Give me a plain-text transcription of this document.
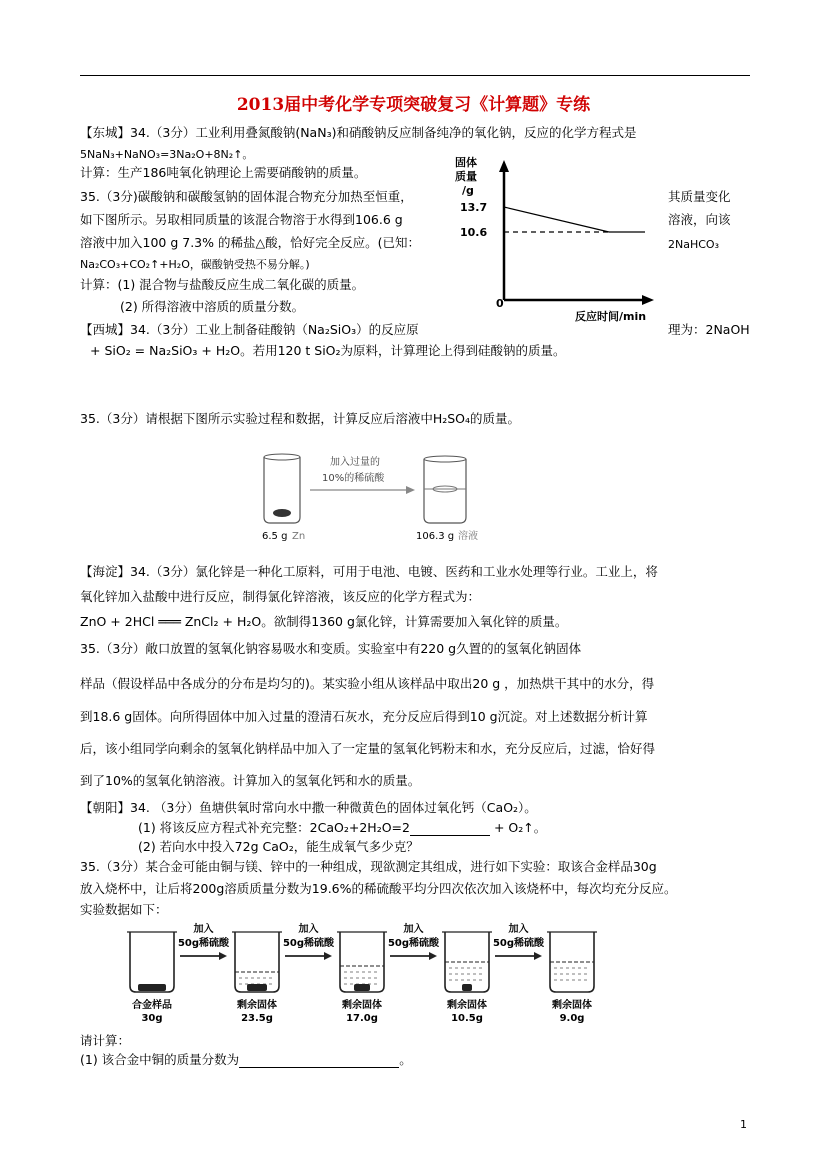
2013届中考化学专项突破复习《计算题》专练
【东城】34.（3分）工业利用叠氮酸钠(NaN₃)和硝酸钠反应制备纯净的氧化钠，反应的化学方程式是
5NaN₃+NaNO₃=3Na₂O+8N₂↑。
计算：生产186吨氧化钠理论上需要硝酸钠的质量。
35.（3分)碳酸钠和碳酸氢钠的固体混合物充分加热至恒重，	其质量变化
如下图所示。另取相同质量的该混合物溶于水得到106.6 g	溶液，向该
溶液中加入100 g 7.3% 的稀盐△酸，恰好完全反应。(已知：	2NaHCO₃
Na₂CO₃+CO₂↑+H₂O，碳酸钠受热不易分解。)
计算：(1) 混合物与盐酸反应生成二氧化碳的质量。
(2) 所得溶液中溶质的质量分数。
固体
质量
/g
13.7
10.6
0
反应时间/min
【西城】34.（3分）工业上制备硅酸钠（Na₂SiO₃）的反应原	理为：2NaOH
+ SiO₂ = Na₂SiO₃ + H₂O。若用120 t SiO₂为原料，计算理论上得到硅酸钠的质量。
35.（3分）请根据下图所示实验过程和数据，计算反应后溶液中H₂SO₄的质量。
加入过量的
10%的稀硫酸
6.5 g Zn	106.3 g 溶液
【海淀】34.（3分）氯化锌是一种化工原料，可用于电池、电镀、医药和工业水处理等行业。工业上，将
氧化锌加入盐酸中进行反应，制得氯化锌溶液，该反应的化学方程式为：
ZnO + 2HCl ═══ ZnCl₂ + H₂O。欲制得1360 g氯化锌，计算需要加入氧化锌的质量。
35.（3分）敞口放置的氢氧化钠容易吸水和变质。实验室中有220 g久置的的氢氧化钠固体
样品（假设样品中各成分的分布是均匀的)。某实验小组从该样品中取出20 g ，加热烘干其中的水分，得
到18.6 g固体。向所得固体中加入过量的澄清石灰水，充分反应后得到10 g沉淀。对上述数据分析计算
后，该小组同学向剩余的氢氧化钠样品中加入了一定量的氢氧化钙粉末和水，充分反应后，过滤，恰好得
到了10%的氢氧化钠溶液。计算加入的氢氧化钙和水的质量。
【朝阳】34. （3分）鱼塘供氧时常向水中撒一种微黄色的固体过氧化钙（CaO₂）。
(1) 将该反应方程式补充完整：2CaO₂+2H₂O=2	+ O₂↑。
(2) 若向水中投入72g CaO₂，能生成氧气多少克？
35.（3分）某合金可能由铜与镁、锌中的一种组成，现欲测定其组成，进行如下实验：取该合金样品30g
放入烧杯中，让后将200g溶质质量分数为19.6%的稀硫酸平均分四次依次加入该烧杯中，每次均充分反应。
实验数据如下：
合金样品
30g
加入
50g稀硫酸
剩余固体
23.5g
加入
50g稀硫酸
剩余固体
17.0g
加入
50g稀硫酸
剩余固体
10.5g
加入
50g稀硫酸
剩余固体
9.0g
请计算：
(1) 该合金中铜的质量分数为	。
1
